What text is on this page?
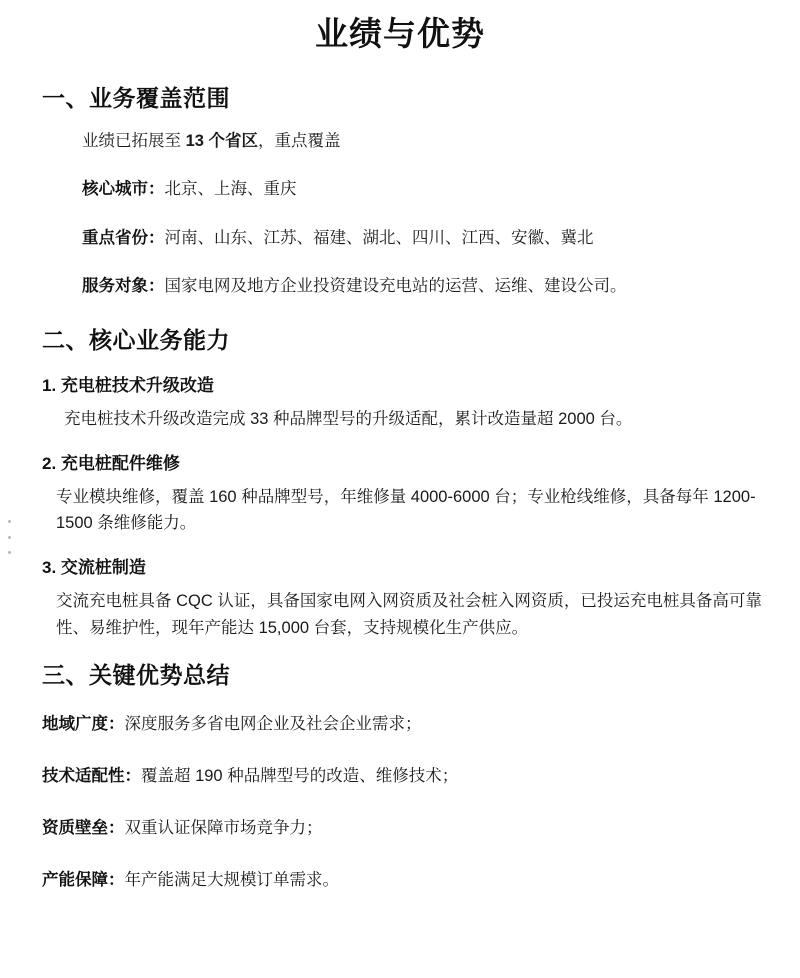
业绩与优势
一、业务覆盖范围

业绩已拓展至 13 个省区，重点覆盖

核心城市：北京、上海、重庆

重点省份：河南、山东、江苏、福建、湖北、四川、江西、安徽、冀北

服务对象：国家电网及地方企业投资建设充电站的运营、运维、建设公司。

二、核心业务能力
1. 充电桩技术升级改造

充电桩技术升级改造完成 33 种品牌型号的升级适配，累计改造量超 2000 台。

2. 充电桩配件维修

专业模块维修，覆盖 160 种品牌型号，年维修量 4000-6000 台；专业枪线维修，具备每年 1200-1500 条维修能力。

3. 交流桩制造

交流充电桩具备 CQC 认证，具备国家电网入网资质及社会桩入网资质，已投运充电桩具备高可靠性、易维护性，现年产能达 15,000 台套，支持规模化生产供应。

三、关键优势总结

地域广度：深度服务多省电网企业及社会企业需求；

技术适配性：覆盖超 190 种品牌型号的改造、维修技术；

资质壁垒：双重认证保障市场竞争力；

产能保障：年产能满足大规模订单需求。
